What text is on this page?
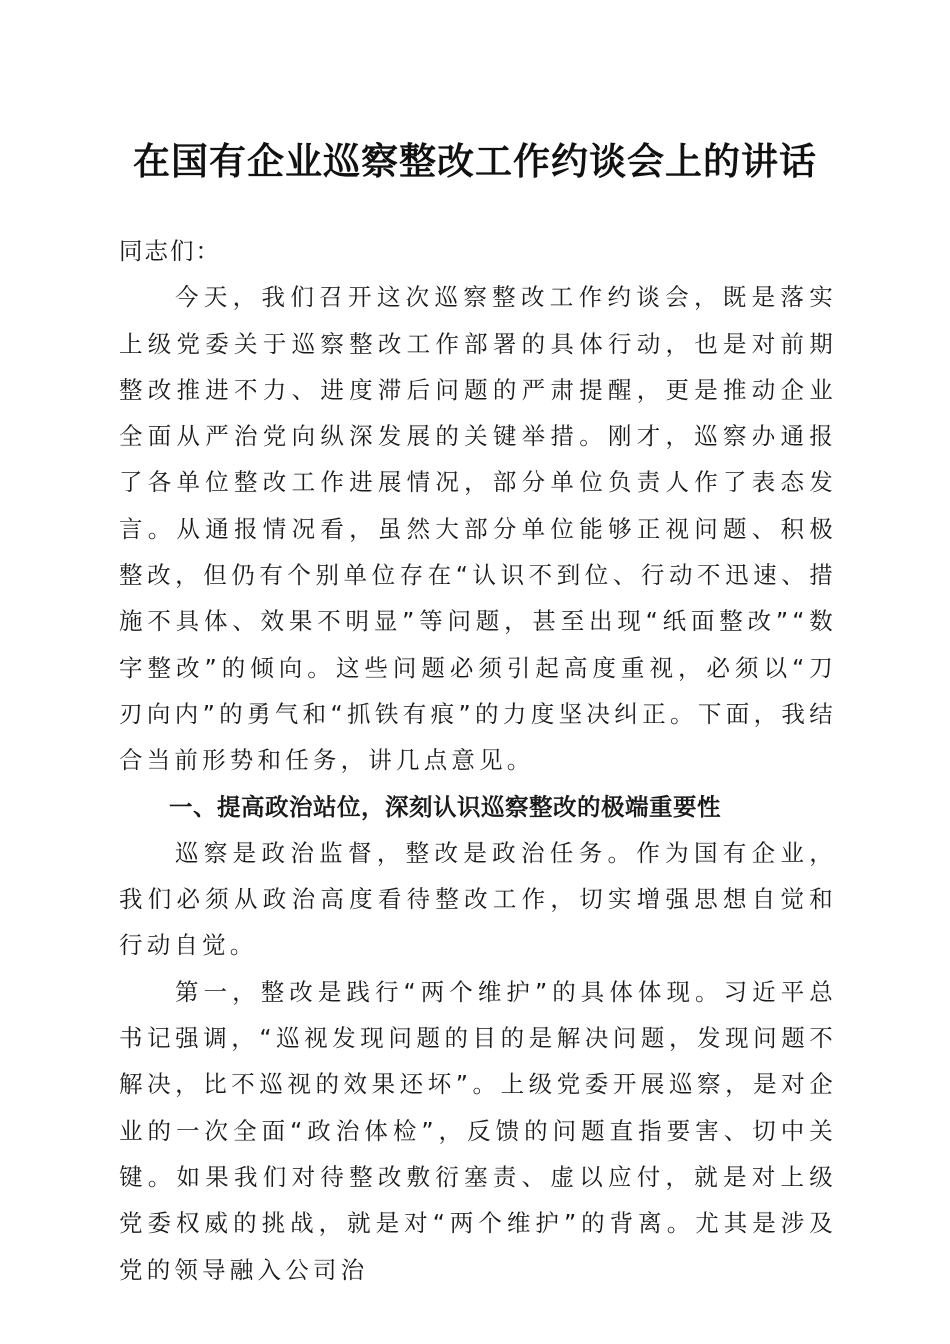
在国有企业巡察整改工作约谈会上的讲话

同志们：

今天，我们召开这次巡察整改工作约谈会，既是落实上级党委关于巡察整改工作部署的具体行动，也是对前期整改推进不力、进度滞后问题的严肃提醒，更是推动企业全面从严治党向纵深发展的关键举措。刚才，巡察办通报了各单位整改工作进展情况，部分单位负责人作了表态发言。从通报情况看，虽然大部分单位能够正视问题、积极整改，但仍有个别单位存在“认识不到位、行动不迅速、措施不具体、效果不明显”等问题，甚至出现“纸面整改”“数字整改”的倾向。这些问题必须引起高度重视，必须以“刀刃向内”的勇气和“抓铁有痕”的力度坚决纠正。下面，我结合当前形势和任务，讲几点意见。

一、提高政治站位，深刻认识巡察整改的极端重要性

巡察是政治监督，整改是政治任务。作为国有企业，我们必须从政治高度看待整改工作，切实增强思想自觉和行动自觉。

第一，整改是践行“两个维护”的具体体现。习近平总书记强调，“巡视发现问题的目的是解决问题，发现问题不解决，比不巡视的效果还坏”。上级党委开展巡察，是对企业的一次全面“政治体检”，反馈的问题直指要害、切中关键。如果我们对待整改敷衍塞责、虚以应付，就是对上级党委权威的挑战，就是对“两个维护”的背离。尤其是涉及党的领导融入公司治
